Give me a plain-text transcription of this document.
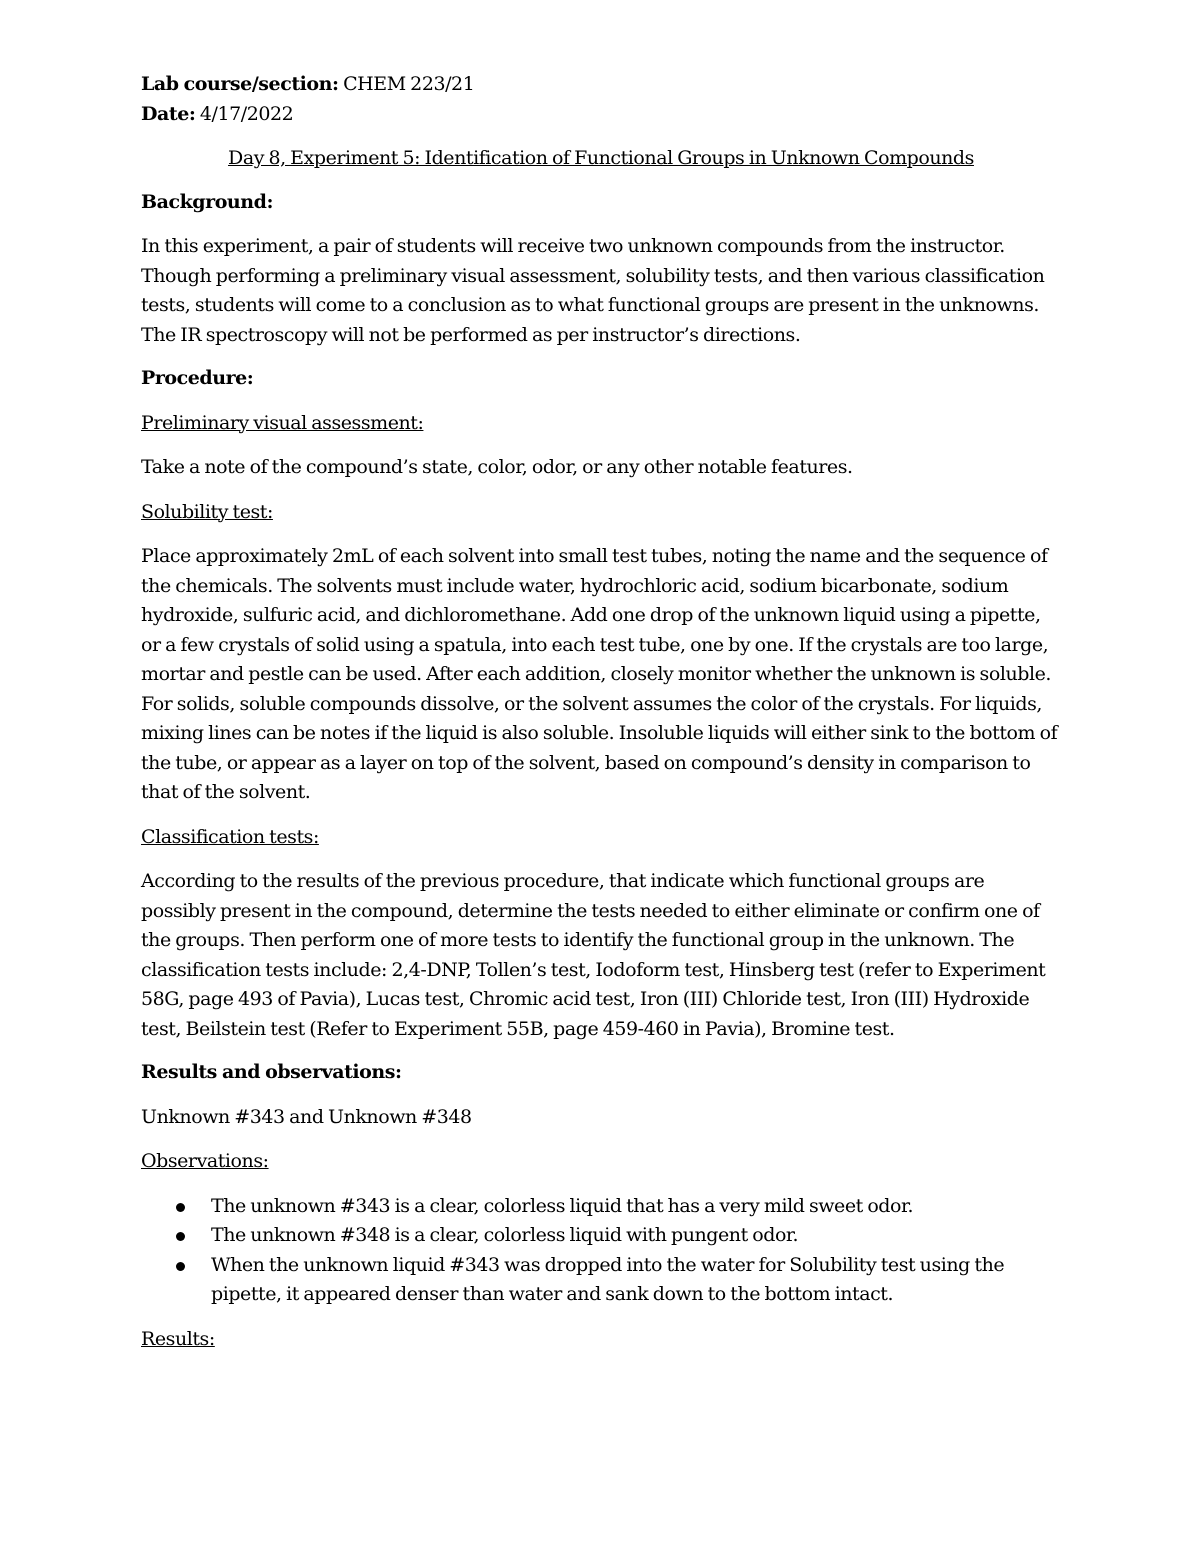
Lab course/section: CHEM 223/21
Date: 4/17/2022

Day 8, Experiment 5: Identification of Functional Groups in Unknown Compounds

Background:

In this experiment, a pair of students will receive two unknown compounds from the instructor. Though performing a preliminary visual assessment, solubility tests, and then various classification tests, students will come to a conclusion as to what functional groups are present in the unknowns. The IR spectroscopy will not be performed as per instructor’s directions.

Procedure:

Preliminary visual assessment:

Take a note of the compound’s state, color, odor, or any other notable features.

Solubility test:

Place approximately 2mL of each solvent into small test tubes, noting the name and the sequence of the chemicals. The solvents must include water, hydrochloric acid, sodium bicarbonate, sodium hydroxide, sulfuric acid, and dichloromethane. Add one drop of the unknown liquid using a pipette, or a few crystals of solid using a spatula, into each test tube, one by one. If the crystals are too large, mortar and pestle can be used. After each addition, closely monitor whether the unknown is soluble. For solids, soluble compounds dissolve, or the solvent assumes the color of the crystals. For liquids, mixing lines can be notes if the liquid is also soluble. Insoluble liquids will either sink to the bottom of the tube, or appear as a layer on top of the solvent, based on compound’s density in comparison to that of the solvent.

Classification tests:

According to the results of the previous procedure, that indicate which functional groups are possibly present in the compound, determine the tests needed to either eliminate or confirm one of the groups. Then perform one of more tests to identify the functional group in the unknown. The classification tests include: 2,4-DNP, Tollen’s test, Iodoform test, Hinsberg test (refer to Experiment 58G, page 493 of Pavia), Lucas test, Chromic acid test, Iron (III) Chloride test, Iron (III) Hydroxide test, Beilstein test (Refer to Experiment 55B, page 459-460 in Pavia), Bromine test.

Results and observations:

Unknown #343 and Unknown #348

Observations:

The unknown #343 is a clear, colorless liquid that has a very mild sweet odor.
The unknown #348 is a clear, colorless liquid with pungent odor.
When the unknown liquid #343 was dropped into the water for Solubility test using the pipette, it appeared denser than water and sank down to the bottom intact.

Results:
